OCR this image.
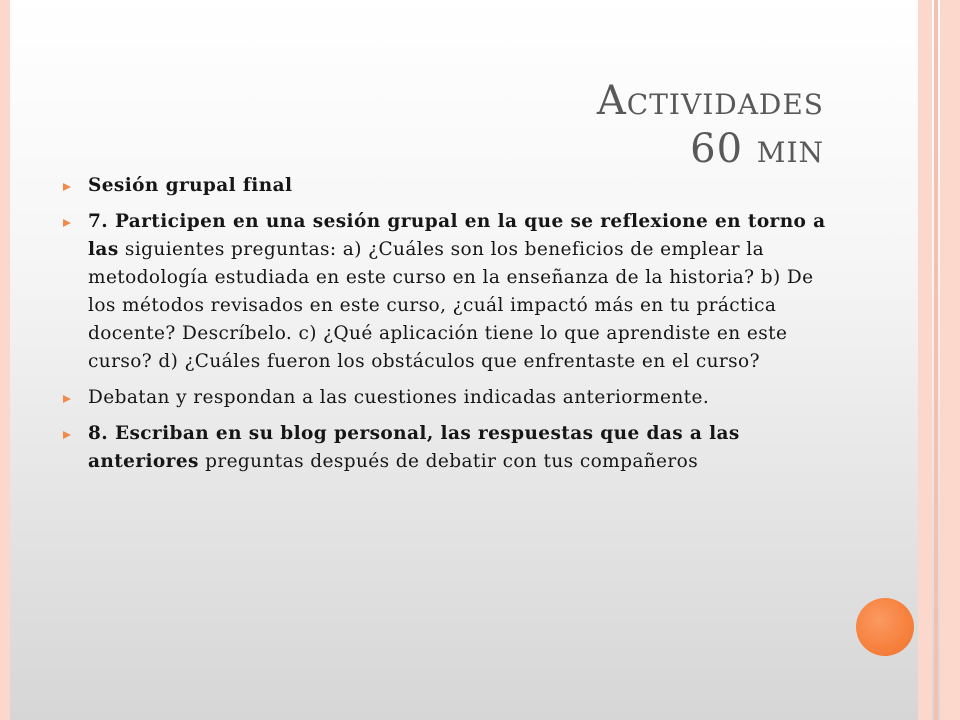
Actividades
60 min
Sesión grupal final
7. Participen en una sesión grupal en la que se reflexione en torno a las siguientes preguntas: a) ¿Cuáles son los beneficios de emplear la metodología estudiada en este curso en la enseñanza de la historia? b) De los métodos revisados en este curso, ¿cuál impactó más en tu práctica docente? Descríbelo. c) ¿Qué aplicación tiene lo que aprendiste en este curso? d) ¿Cuáles fueron los obstáculos que enfrentaste en el curso?
Debatan y respondan a las cuestiones indicadas anteriormente.
8. Escriban en su blog personal, las respuestas que das a las anteriores preguntas después de debatir con tus compañeros
